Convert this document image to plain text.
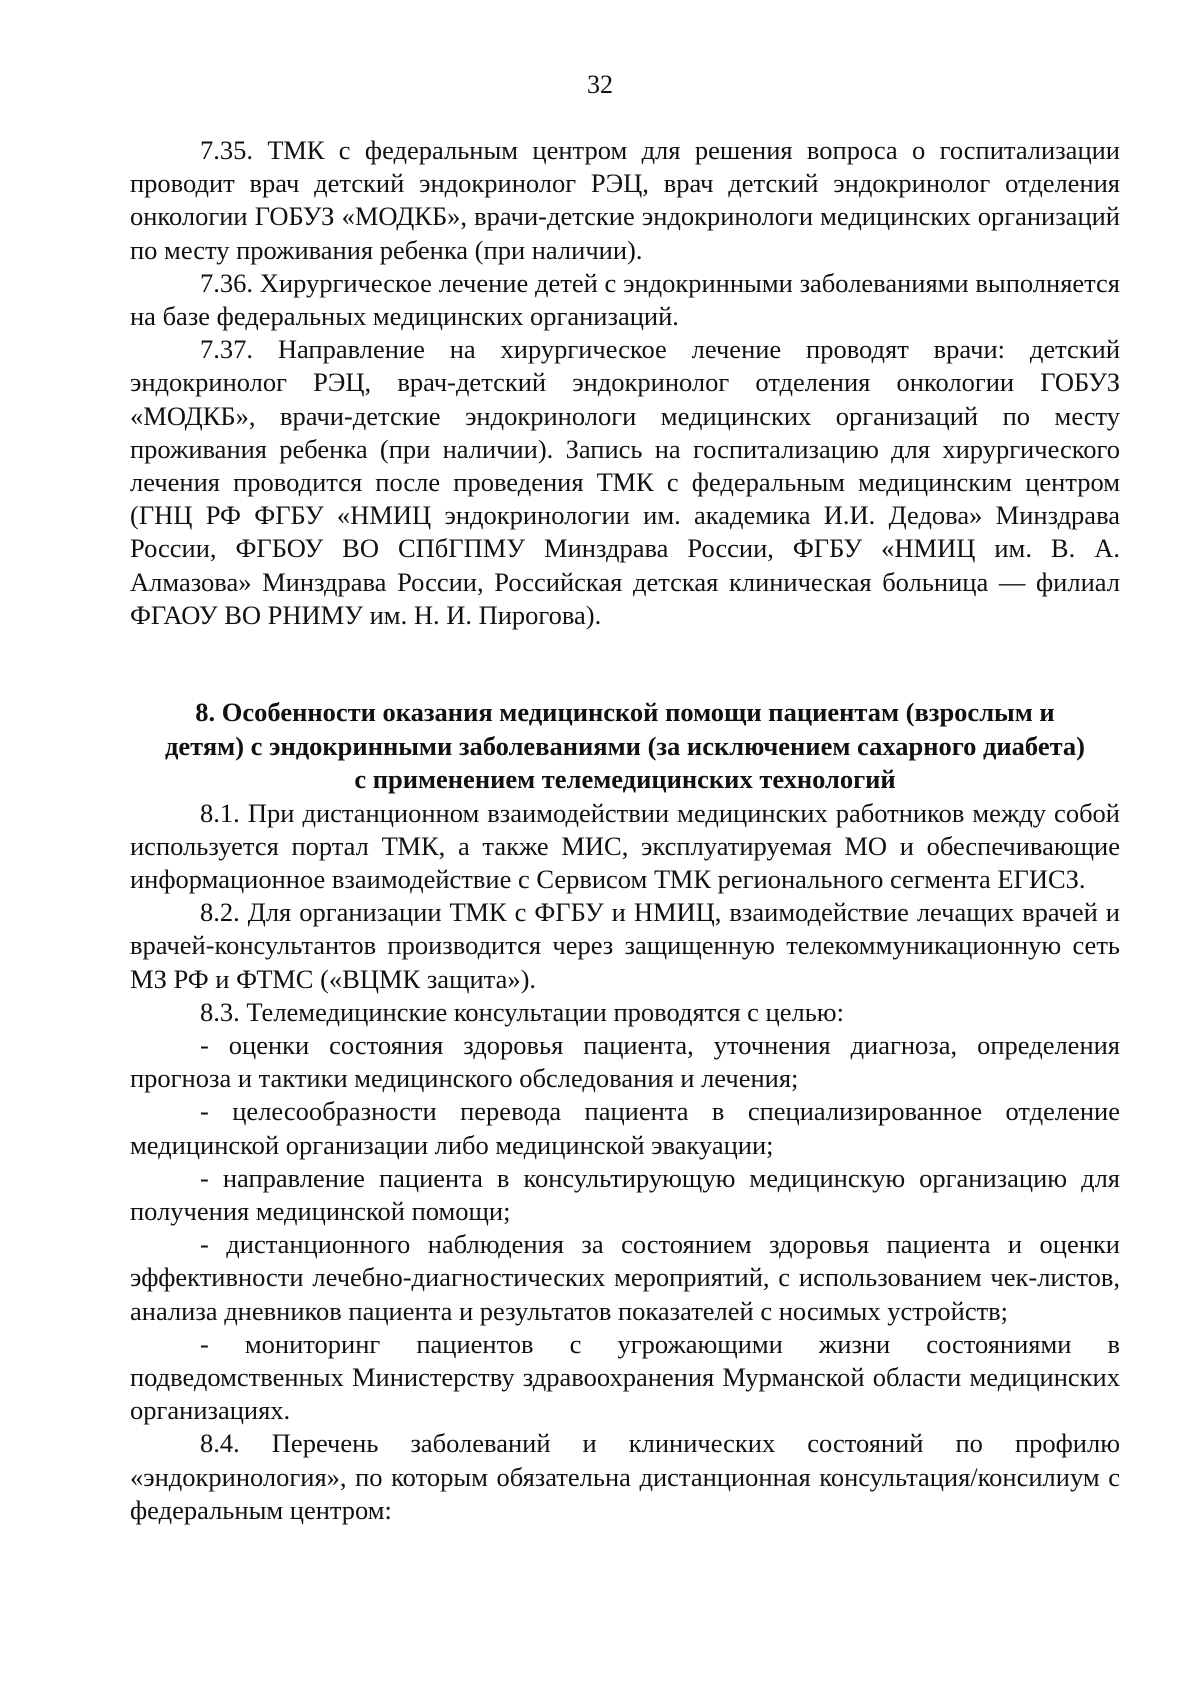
32

7.35. ТМК с федеральным центром для решения вопроса о госпитализации проводит врач детский эндокринолог РЭЦ, врач детский эндокринолог отделения онкологии ГОБУЗ «МОДКБ», врачи-детские эндокринологи медицинских организаций по месту проживания ребенка (при наличии).

7.36. Хирургическое лечение детей с эндокринными заболеваниями выполняется на базе федеральных медицинских организаций.

7.37. Направление на хирургическое лечение проводят врачи: детский эндокринолог РЭЦ, врач-детский эндокринолог отделения онкологии ГОБУЗ «МОДКБ», врачи-детские эндокринологи медицинских организаций по месту проживания ребенка (при наличии). Запись на госпитализацию для хирургического лечения проводится после проведения ТМК с федеральным медицинским центром (ГНЦ РФ ФГБУ «НМИЦ эндокринологии им. академика И.И. Дедова» Минздрава России, ФГБОУ ВО СПбГПМУ Минздрава России, ФГБУ «НМИЦ им. В. А. Алмазова» Минздрава России, Российская детская клиническая больница — филиал ФГАОУ ВО РНИМУ им. Н. И. Пирогова).

8. Особенности оказания медицинской помощи пациентам (взрослым и
детям) с эндокринными заболеваниями (за исключением сахарного диабета)
с применением телемедицинских технологий

8.1. При дистанционном взаимодействии медицинских работников между собой используется портал ТМК, а также МИС, эксплуатируемая МО и обеспечивающие информационное взаимодействие с Сервисом ТМК регионального сегмента ЕГИСЗ.

8.2. Для организации ТМК с ФГБУ и НМИЦ, взаимодействие лечащих врачей и врачей-консультантов производится через защищенную телекоммуникационную сеть МЗ РФ и ФТМС («ВЦМК защита»).

8.3. Телемедицинские консультации проводятся с целью:

- оценки состояния здоровья пациента, уточнения диагноза, определения прогноза и тактики медицинского обследования и лечения;

- целесообразности перевода пациента в специализированное отделение медицинской организации либо медицинской эвакуации;

- направление пациента в консультирующую медицинскую организацию для получения медицинской помощи;

- дистанционного наблюдения за состоянием здоровья пациента и оценки эффективности лечебно-диагностических мероприятий, с использованием чек-листов, анализа дневников пациента и результатов показателей с носимых устройств;

- мониторинг пациентов с угрожающими жизни состояниями в подведомственных Министерству здравоохранения Мурманской области медицинских организациях.

8.4. Перечень заболеваний и клинических состояний по профилю «эндокринология», по которым обязательна дистанционная консультация/консилиум с федеральным центром:
